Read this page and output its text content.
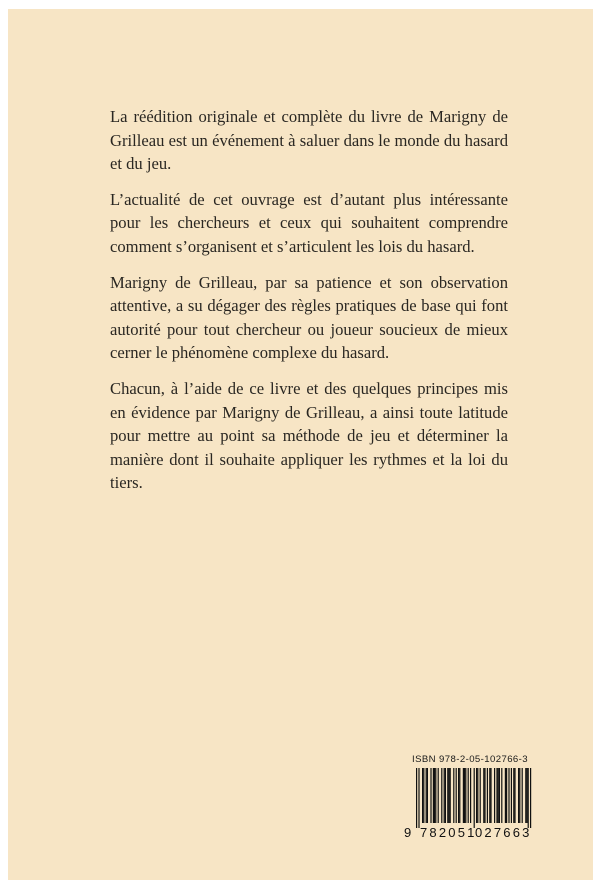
La réédition originale et complète du livre de Marigny de Grilleau est un événement à saluer dans le monde du hasard et du jeu.

L’actualité de cet ouvrage est d’autant plus intéressante pour les chercheurs et ceux qui souhaitent comprendre comment s’organisent et s’articulent les lois du hasard.

Marigny de Grilleau, par sa patience et son observation attentive, a su dégager des règles pratiques de base qui font autorité pour tout chercheur ou joueur soucieux de mieux cerner le phénomène complexe du hasard.

Chacun, à l’aide de ce livre et des quelques principes mis en évidence par Marigny de Grilleau, a ainsi toute latitude pour mettre au point sa méthode de jeu et déterminer la manière dont il souhaite appliquer les rythmes et la loi du tiers.

ISBN 978-2-05-102766-3
9 782051
027663
